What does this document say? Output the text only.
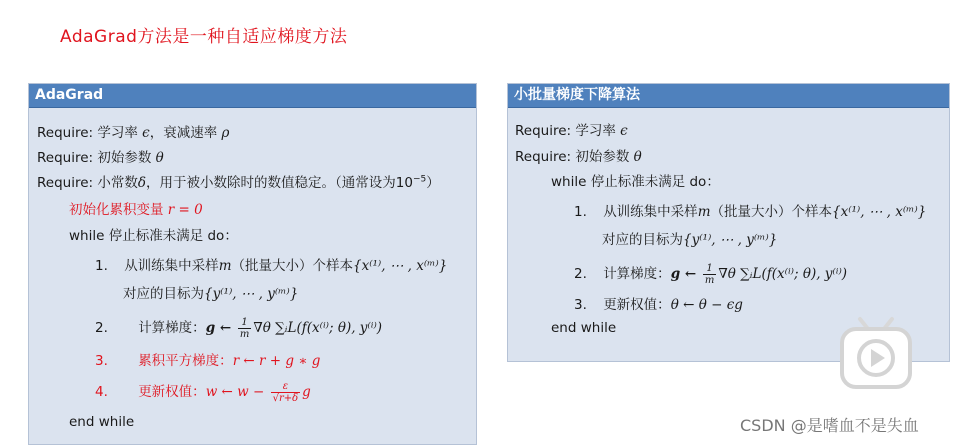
AdaGrad方法是一种自适应梯度方法
AdaGrad
Require: 学习率 ϵ，衰减速率 ρ
Require: 初始参数 θ
Require: 小常数δ，用于被小数除时的数值稳定。（通常设为$10^{-5}$）
初始化累积变量 r = 0
while 停止标准未满足 do：
1. 从训练集中采样m（批量大小）个样本{x⁽¹⁾, ⋯ , x⁽ᵐ⁾}
对应的目标为{y⁽¹⁾, ⋯ , y⁽ᵐ⁾}
2. 计算梯度：g ← $\frac{1}{m} \nabla\theta$ ∑ᵢL(f(x⁽ⁱ⁾; θ), y⁽ⁱ⁾)
3. 累积平方梯度：r ← r + g ∗ g
4. 更新权值：w ← $w - \frac{\varepsilon}{√r+\delta}$ g
end while
小批量梯度下降算法
Require: 学习率 ϵ
Require: 初始参数 θ
while 停止标准未满足 do：
1. 从训练集中采样m（批量大小）个样本{x⁽¹⁾, ⋯ , x⁽ᵐ⁾}
对应的目标为{y⁽¹⁾, ⋯ , y⁽ᵐ⁾}
2. 计算梯度：g ← $\frac{1}{m} \nabla\theta$ ∑ᵢL(f(x⁽ⁱ⁾; θ), y⁽ⁱ⁾)
3. 更新权值：θ ← θ − ϵg
end while
CSDN @是嗜血不是失血
